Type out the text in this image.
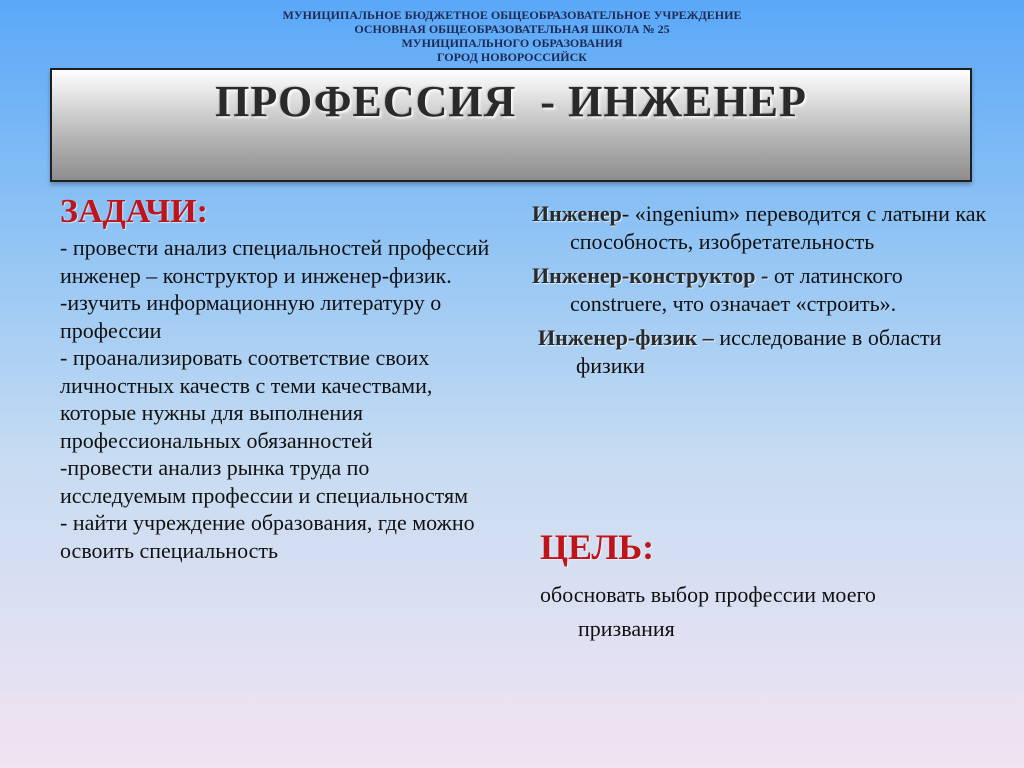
МУНИЦИПАЛЬНОЕ БЮДЖЕТНОЕ ОБЩЕОБРАЗОВАТЕЛЬНОЕ УЧРЕЖДЕНИЕ
ОСНОВНАЯ ОБЩЕОБРАЗОВАТЕЛЬНАЯ ШКОЛА № 25
МУНИЦИПАЛЬНОГО ОБРАЗОВАНИЯ
ГОРОД НОВОРОССИЙСК
ПРОФЕССИЯ  - ИНЖЕНЕР
ЗАДАЧИ:
- провести анализ специальностей профессий инженер – конструктор и инженер-физик.
-изучить информационную литературу о профессии
- проанализировать соответствие своих личностных качеств с теми качествами, которые нужны для выполнения профессиональных обязанностей
-провести анализ рынка труда по исследуемым профессии и специальностям
- найти учреждение образования, где можно освоить специальность
Инженер- «ingenium» переводится с латыни как способность, изобретательность
Инженер-конструктор - от латинского construere, что означает «строить».
Инженер-физик – исследование в области физики
ЦЕЛЬ:
обосновать выбор профессии моего
призвания
